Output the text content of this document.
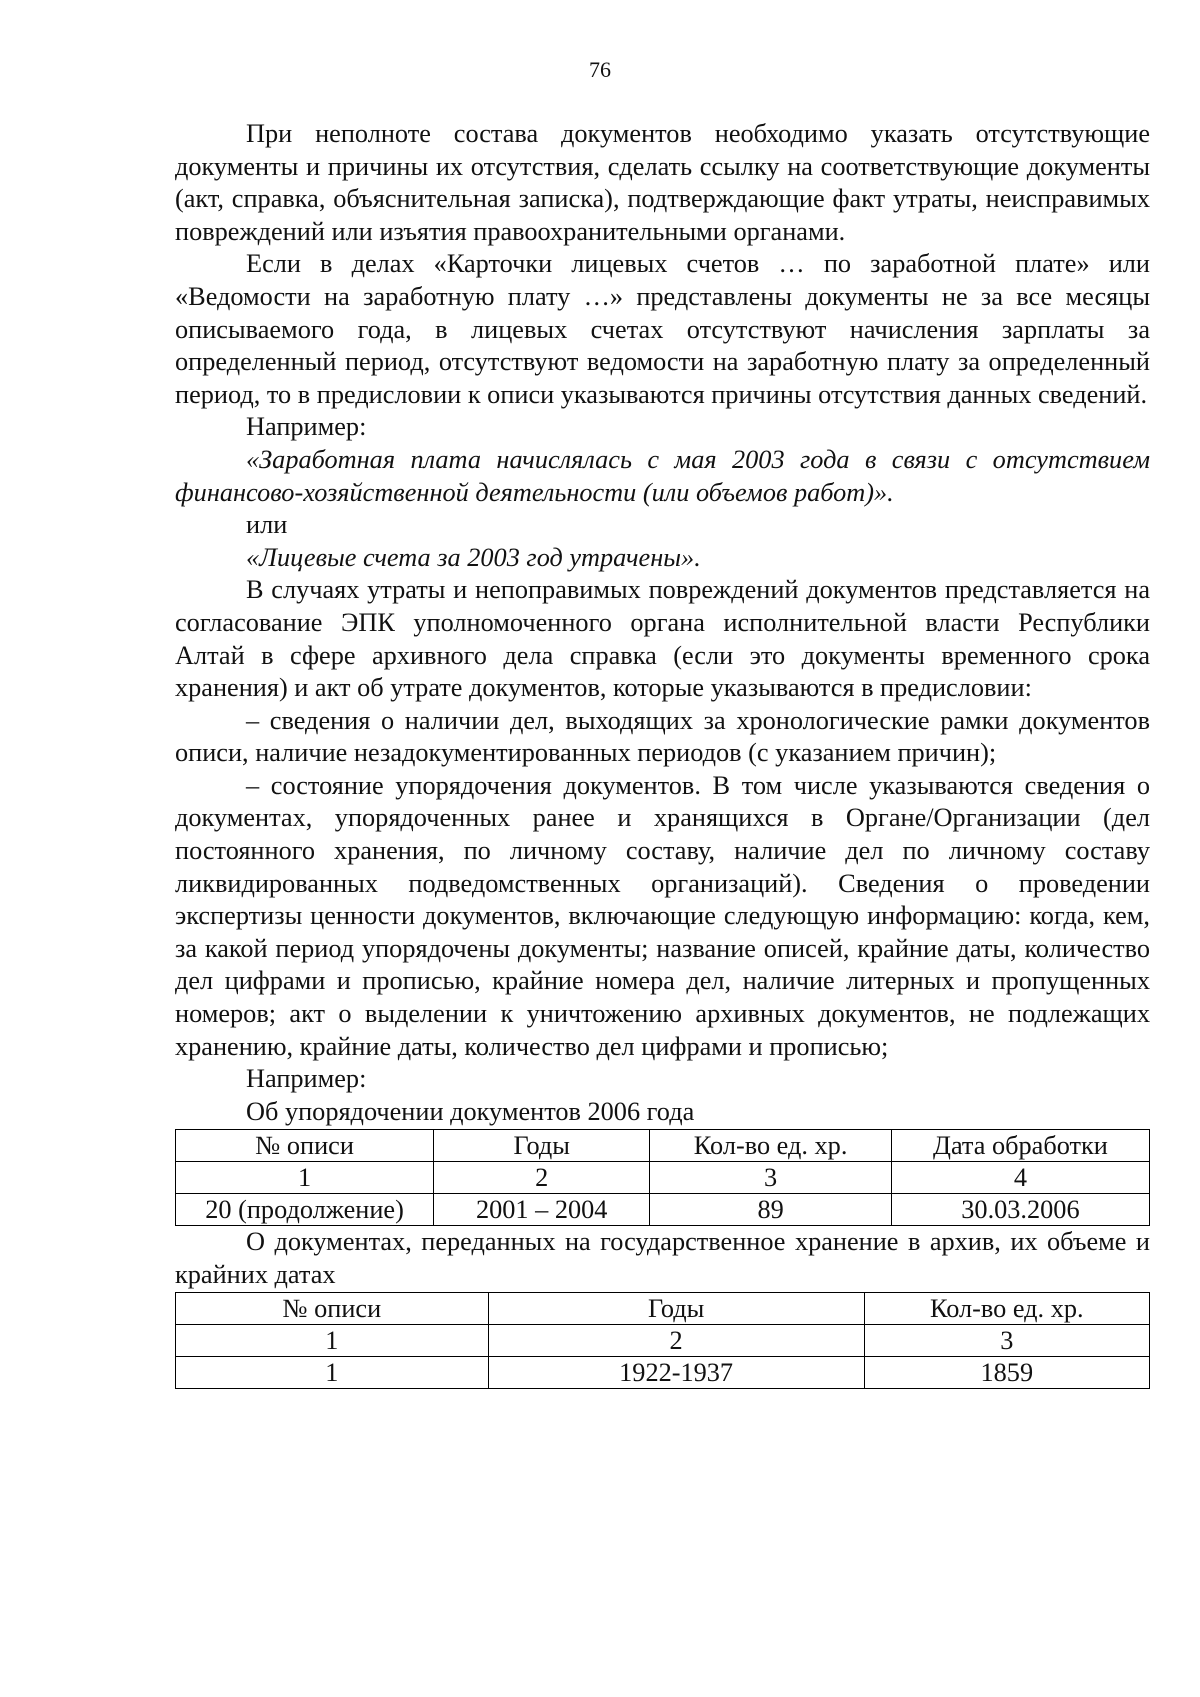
76

При неполноте состава документов необходимо указать отсутствующие документы и причины их отсутствия, сделать ссылку на соответствующие документы (акт, справка, объяснительная записка), подтверждающие факт утраты, неисправимых повреждений или изъятия правоохранительными органами.

Если в делах «Карточки лицевых счетов … по заработной плате» или «Ведомости на заработную плату …» представлены документы не за все месяцы описываемого года, в лицевых счетах отсутствуют начисления зарплаты за определенный период, отсутствуют ведомости на заработную плату за определенный период, то в предисловии к описи указываются причины отсутствия данных сведений.

Например:

«Заработная плата начислялась с мая 2003 года в связи с отсутствием финансово-хозяйственной деятельности (или объемов работ)».

или

«Лицевые счета за 2003 год утрачены».

В случаях утраты и непоправимых повреждений документов представляется на согласование ЭПК уполномоченного органа исполнительной власти Республики Алтай в сфере архивного дела справка (если это документы временного срока хранения) и акт об утрате документов, которые указываются в предисловии:

– сведения о наличии дел, выходящих за хронологические рамки документов описи, наличие незадокументированных периодов (с указанием причин);

– состояние упорядочения документов. В том числе указываются сведения о документах, упорядоченных ранее и хранящихся в Органе/Организации (дел постоянного хранения, по личному составу, наличие дел по личному составу ликвидированных подведомственных организаций). Сведения о проведении экспертизы ценности документов, включающие следующую информацию: когда, кем, за какой период упорядочены документы; название описей, крайние даты, количество дел цифрами и прописью, крайние номера дел, наличие литерных и пропущенных номеров; акт о выделении к уничтожению архивных документов, не подлежащих хранению, крайние даты, количество дел цифрами и прописью;

Например:

Об упорядочении документов 2006 года

№ описи	Годы	Кол-во ед. хр.	Дата обработки
1	2	3	4
20 (продолжение)	2001 – 2004	89	30.03.2006

О документах, переданных на государственное хранение в архив, их объеме и крайних датах

№ описи	Годы	Кол-во ед. хр.
1	2	3
1	1922-1937	1859
